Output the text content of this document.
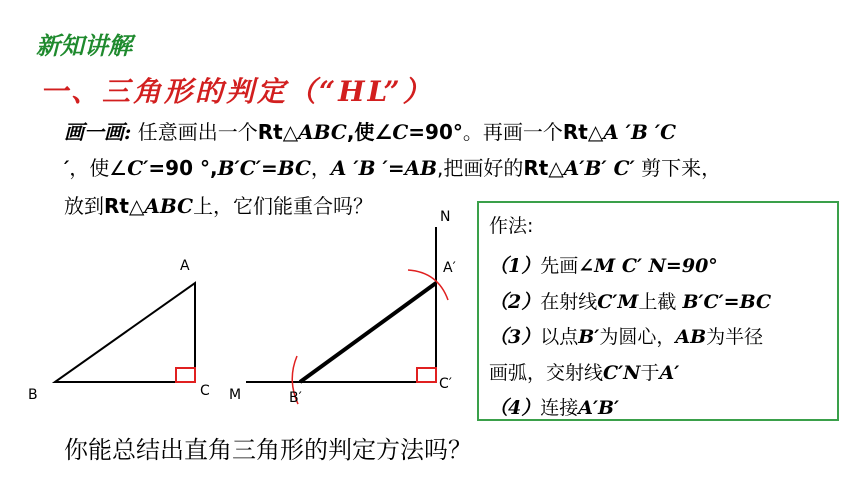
新知讲解
一、三角形的判定（“HL”）
画一画: 任意画出一个Rt△ABC,使∠C=90°。再画一个Rt△A ′B ′C
′，使∠C′=90 °,B′C′=BC，A ′B ′=AB,把画好的Rt△A′B′ C′ 剪下来，
放到Rt△ABC上，它们能重合吗？
A
B	C
N
A′
M	B′
C′
作法:
（1）先画∠M C′ N=90°
（2）在射线C′M上截 B′C′=BC
（3）以点B′为圆心，AB为半径
画弧，交射线C′N于A′
（4）连接A′B′
你能总结出直角三角形的判定方法吗？
